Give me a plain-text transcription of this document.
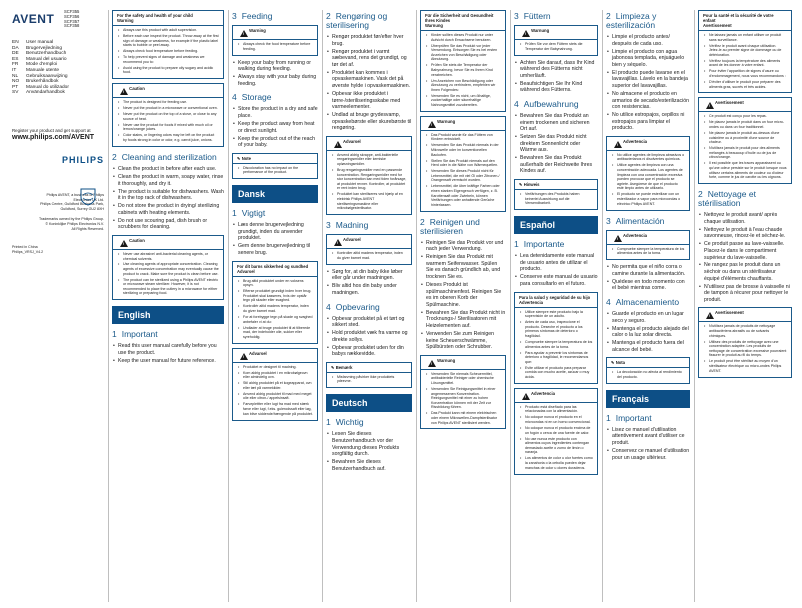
AVENT
SCF355
SCF356
SCF357
SCF358
EN	User manual
DA	Brugervejledning
DE	Benutzerhandbuch
ES	Manual del usuario
FR	Mode d'emploi
IT	Manuale utente
NL	Gebruiksaanwijzing
NO	Brukerhåndbok
PT	Manual do utilizador
SV	Användarhandbok
Register your product and get support at
www.philips.com/AVENT
PHILIPS
Philips AVENT, a business of Philips
Electronics UK Ltd.
Philips Centre, Guildford Business Park,
Guildford, Surrey GU2 8XH
Trademarks owned by the Philips Group.
© Koninklijke Philips Electronics N.V.
All Rights Reserved.
Printed in China
Philips_VRSJ_V4.2
For the safety and health of your child
Warning
• Always use this product with adult supervision.
• Before each use inspect the product. Throw away at the first sign of damage or weakness, for example if the plastic label starts to bubble or peel away.
• Always check food temperature before feeding.
• To help prevent signs of damage and weakness we recommend you to:
• Avoid using the product to prepare oily sugary and acidic food.
! Caution
• The product is designed for feeding use.
• Never put the product in a microwave or conventional oven.
• Never put the product on the top of a stove, or close to any source of heat.
• Never use the product for foods if mixed with much oil or lemon/orange juices.
• Color stains, or lingering odors may be left on the product by foods strong in color or odor, e.g. carrot juice, onions.
2 Cleaning and sterilization
• Clean the product in before after each use.
• Clean the product in warm, soapy water, rinse it thoroughly, and dry it.
• The product is suitable for dishwashers. Wash it in the top rack of dishwashers.
• Do not store the product in drying/ sterilizing cabinets with heating elements.
• Do not use scouring pad, dish brush or scrubbers for cleaning.
! Caution
• Never use abrasive/ anti-bacterial cleaning agents, or chemical solvents.
• Use cleaning agents of appropriate concentration. Cleaning agents of excessive concentration may eventually cause the product to crack. Make sure the product is clean before use.
• The product can be sterilized using a Philips AVENT electric or microwave steam sterilizer. However, it is not recommended to place the cutlery in a microwave for either sterilizing or preparing food.
English
1 Important
• Read this user manual carefully before you use the product.
• Keep the user manual for future reference.
3 Feeding
! Warning
• Always check the food temperature before feeding.
• Keep your baby from running or walking during feeding.
• Always stay with your baby during feeding.
4 Storage
• Store the product in a dry and safe place.
• Keep the product away from heat or direct sunlight.
• Keep the product out of the reach of your baby.
✎ Note
• Discoloration has no impact on the performance of the product.
Dansk
1 Vigtigt
• Læs denne brugervejledning grundigt, inden du anvender produktet.
• Gem denne brugervejledning til senere brug.
For dit barns sikkerhed og sundhed
Advarsel
• Brug altid produktet under en voksens opsyn.
• Efterse produktet grundigt inden hver brug. Produktet skal kasseres, hvis der opstår tegn på skader eller svaghed.
• Kontrollér altid madens temperatur, inden du giver barnet mad.
• For at forebygge tegn på skade og svaghed anbefaler vi at du:
• Undlader at bruge produktet til at tilberede mad, der indeholder olie, sukker eller syreholdig.
! Advarsel
• Produktet er designet til madning.
• Kom aldrig produktet i en mikrobølgeovn eller almindelig ovn.
• Stil aldrig produktet på et kogeapparat, ovn eller tæt på varmekilder.
• Anvend aldrig produktet til mad med meget olie eller citron-/ appelsinsaft.
• Farveplettter eller lugt fra mad med stærk farve eller lugt, f.eks. gulerodssaft eller løg, kan blive siddende/hængende på produktet.
2 Rengøring og sterilisering
• Rengør produktet før/efter hver brug.
• Rengør produktet i varmt sæbevand, rens det grundigt, og tør det af.
• Produktet kan kommes i opvaskemaskinen. Vask det på øverste hylde i opvaskemaskinen.
• Opbevar ikke produktet i tørre-/steriliseringsskabe med varmeelementer.
• Undlad at bruge grydesvamp, opvaskebørste eller skurebørste til rengøring.
! Advarsel
• Anvend aldrig skrappe, anti-bakterielle rengøringsmidler eller kemiske opløsningsmidler.
• Brug rengøringsmidler med en passende koncentration. Rengøringsmidler med for stor koncentration kan med tiden forårsage, at produktet revner. Kontroller, at produktet er rent inden brug.
• Produktet kan steriliseres ved hjælp af en elektrisk Philips AVENT steriliseringsmaskine eller mikrobølgesterilisator.
3 Madning
! Advarsel
• Kontroller altid madens temperatur, inden du giver barnet mad.
• Sørg for, at din baby ikke løber eller går under madningen.
• Bliv altid hos din baby under madningen.
4 Opbevaring
• Opbevar produktet på et tørt og sikkert sted.
• Hold produktet væk fra varme og direkte sollys.
• Opbevar produktet uden for din babys rækkevidde.
✎ Bemærk
• Misfarvning påvirker ikke produktets ydeevne.
Deutsch
1 Wichtig
• Lesen Sie dieses Benutzerhandbuch vor der Verwendung dieses Produkts sorgfältig durch.
• Bewahren Sie dieses Benutzerhandbuch auf.
Für die Sicherheit und Gesundheit Ihres Kindes
Warnung
• Kinder sollten dieses Produkt nur unter Aufsicht durch Erwachsene benutzen.
• Überprüfen Sie das Produkt vor jeder Verwendung. Entsorgen Sie es bei ersten Anzeichen von Beschädigung oder Abnutzung.
• Prüfen Sie stets die Temperatur der Babynahrung, bevor Sie es Ihrem Kind verabreichen.
• Um Anzeichen von Beschädigung oder Abnutzung zu verhindern, empfehlen wir Ihnen Folgendes:
• Verwenden Sie es nicht, um ölhaltige, zuckerhaltige oder säurehaltige Nahrungsmittel zuzubereiten.
! Warnung
• Das Produkt wurde für das Füttern von Kindern entwickelt.
• Verwenden Sie das Produkt niemals in der Mikrowelle oder im konventionellen Backofen.
• Stellen Sie das Produkt niemals auf den Herd oder in die Nähe von Wärmequellen.
• Verwenden Sie dieses Produkt nicht für Lebensmittel, die mit viel Öl oder Zitronen-/ Orangensaft vermischt wurden.
• Lebensmittel, die über kräftige Farben oder einen starken Eigengeruch verfügen, z. B. Karottensaft oder Zwiebeln, können Verfärbungen oder anhaltende Gerüche hinterlassen.
2 Reinigen und sterilisieren
• Reinigen Sie das Produkt vor und nach jeder Verwendung.
• Reinigen Sie das Produkt mit warmem Seifenwasser. Spülen Sie es danach gründlich ab, und trocknen Sie es.
• Dieses Produkt ist spülmaschinenfest. Reinigen Sie es im oberen Korb der Spülmaschine.
• Bewahren Sie das Produkt nicht in Trocknungs-/ Sterilisatoren mit Heizelementen auf.
• Verwenden Sie zum Reinigen keine Scheuerschwämme, Spülbürsten oder Schrubber.
! Warnung
• Verwenden Sie niemals Scheuermittel, antibakterielle Reiniger oder chemische Lösungsmittel.
• Verwenden Sie Reinigungsmittel in einer angemessenen Konzentration. Reinigungsmittel mit einer zu hohen Konzentration können mit der Zeit zur Rissbildung führen.
• Das Produkt kann mit einem elektrischen oder einem Mikrowellen-Dampfsterilisator von Philips AVENT sterilisiert werden.
3 Füttern
! Warnung
• Prüfen Sie vor dem Füttern stets die Temperatur der Babynahrung.
• Achten Sie darauf, dass Ihr Kind während des Fütterns nicht umherläuft.
• Beaufsichtigen Sie Ihr Kind während des Fütterns.
4 Aufbewahrung
• Bewahren Sie das Produkt an einem trockenen und sicheren Ort auf.
• Setzen Sie das Produkt nicht direktem Sonnenlicht oder Wärme aus.
• Bewahren Sie das Produkt außerhalb der Reichweite Ihres Kindes auf.
✎ Hinweis
• Verfärbungen des Produkts haben keinerlei Auswirkung auf die Verwendbarkeit.
Español
1 Importante
• Lea detenidamente este manual de usuario antes de utilizar el producto.
• Conserve este manual de usuario para consultarlo en el futuro.
Para la salud y seguridad de su hijo
Advertencia
• Utilice siempre este producto bajo la supervisión de un adulto.
• Antes de cada uso, inspeccione el producto. Deseche el producto a los primeros síntomas de deterioro o fragilidad.
• Compruebe siempre la temperatura de los alimentos antes de la toma.
• Para ayudar a prevenir los síntomas de deterioro o fragilidad, le recomendamos que:
• Evite utilizar el producto para preparar comida con mucho aceite, azúcar o muy ácida.
! Advertencia
• Producto está diseñado para las relacionadas con la alimentación.
• No coloque nunca el producto en el microondas ni en un horno convencional.
• No coloque nunca el producto encima de un fogón o cerca de una fuente de calor.
• No use nunca este producto con alimentos cuyos ingredientes contengan demasiado aceite o zumo de limón o naranja.
• Los alimentos de color u olor fuertes como la zanahoria o la cebolla pueden dejar manchas de color u olores duraderos.
2 Limpieza y esterilización
• Limpie el producto antes/ después de cada uso.
• Limpie el producto con agua jabonosa templada, enjuáguelo bien y séquelo.
• El producto puede lavarse en el lavavajillas. Lávelo en la bandeja superior del lavavajillas.
• No almacene el producto en armarios de secado/esterilización con resistencias.
• No utilice estropajos, cepillos ni estropajos para limpiar el producto.
! Advertencia
• No utilice agentes de limpieza abrasivos o antibacterianos ni disolventes químicos.
• Utilice agentes de limpieza con una concentración adecuada. Los agentes de limpieza con una concentración excesiva pueden provocar que el producto se agriete. Asegúrese de que el producto esté limpio antes de utilizarlo.
• El producto se puede esterilizar con un esterilizador a vapor para microondas o eléctrico Philips AVENT.
3 Alimentación
! Advertencia
• Compruebe siempre la temperatura de los alimentos antes de la toma.
• No permita que el niño corra o camine durante la alimentación.
• Quédese en todo momento con el bebé mientras come.
4 Almacenamiento
• Guarde el producto en un lugar seco y seguro.
• Mantenga el producto alejado del calor o la luz solar directa.
• Mantenga el producto fuera del alcance del bebé.
✎ Nota
• La decoloración no afecta al rendimiento del producto.
Français
1 Important
• Lisez ce manuel d'utilisation attentivement avant d'utiliser ce produit.
• Conservez ce manuel d'utilisation pour un usage ultérieur.
Pour la santé et la sécurité de votre enfant
Avertissement
• Ne laissez jamais un enfant utiliser ce produit sans surveillance.
• Vérifiez le produit avant chaque utilisation. Jetez-le au premier signe de dommage ou de détérioration.
• Vérifiez toujours la température des aliments avant de les donner à votre enfant.
• Pour éviter l'apparition de signes d'usure ou d'endommagement, nous vous recommandons :
• D'éviter d'utiliser le produit pour préparer des aliments gras, sucrés et très acides.
! Avertissement
• Ce produit est conçu pour les repas.
• Ne placez jamais le produit dans un four micro-ondes ou dans un four traditionnel.
• Ne placez jamais le produit au-dessus d'une cuisinière ou à proximité d'une source de chaleur.
• N'utilisez jamais le produit pour des aliments mélangés à beaucoup d'huile ou de jus de citron/orange.
• Il est possible que les traces apparaissent ou qu'une odeur persiste sur le produit lorsque vous utilisez certains aliments de couleur ou d'odeur forte, comme le jus de carotte ou les oignons.
2 Nettoyage et stérilisation
• Nettoyez le produit avant/ après chaque utilisation.
• Nettoyez le produit à l'eau chaude savonneuse, rincez-le et séchez-le.
• Ce produit passe au lave-vaisselle. Placez-le dans le compartiment supérieur du lave-vaisselle.
• Ne rangez pas le produit dans un sèchoir ou dans un stérilisateur équipé d'éléments chauffants.
• N'utilisez pas de brosse à vaisselle ni de tampon à récurer pour nettoyer le produit.
! Avertissement
• N'utilisez jamais de produits de nettoyage antibactériens abrasifs ou de solvants chimiques.
• Utilisez des produits de nettoyage avec une concentration adaptée. Les produits de nettoyage de concentration excessive pourraient fissurer le produit au fil du temps.
• Le produit peut être stérilisé au moyen d'un stérilisateur électrique ou micro-ondes Philips AVENT.
